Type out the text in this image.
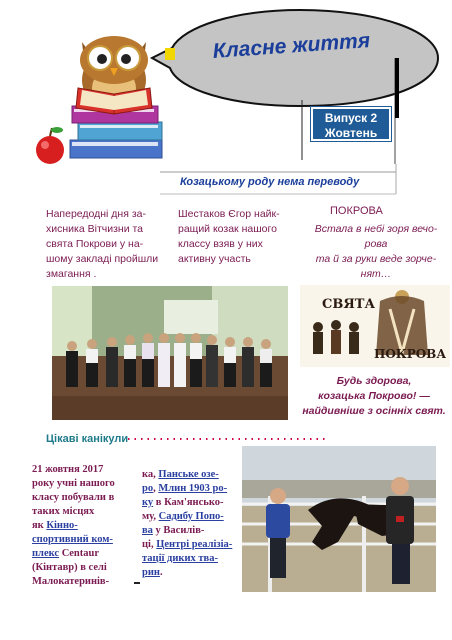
Класне життя
Випуск 2
Жовтень
Козацькому роду нема переводу
Напередодні дня за-
хисника Вітчизни та
свята Покрови у на-
шому закладі пройшли
змагання .
Шестаков Єгор найк-
ращий козак нашого
классу взяв у них
активну участь
ПОКРОВА
Встала в небі зоря вечо-
рова
та й за руки веде зорче-
нят…
СВЯТА
ПОКРОВА
Будь здорова,
козацька Покрово! —
найдивніше з осінніх свят.
Цікаві канікули
21 жовтня 2017
року учні нашого
класу побували в
таких місцях
як Кінно-
спортивний ком-
плекс Centaur
(Кінтавр) в селі
Малокатеринів-
ка, Панське озе-
ро, Млин 1903 ро-
ку в Кам'янсько-
му, Садибу Попо-
ва у Василів-
ці, Центрі реалізіа-
тації диких тва-
рин.
